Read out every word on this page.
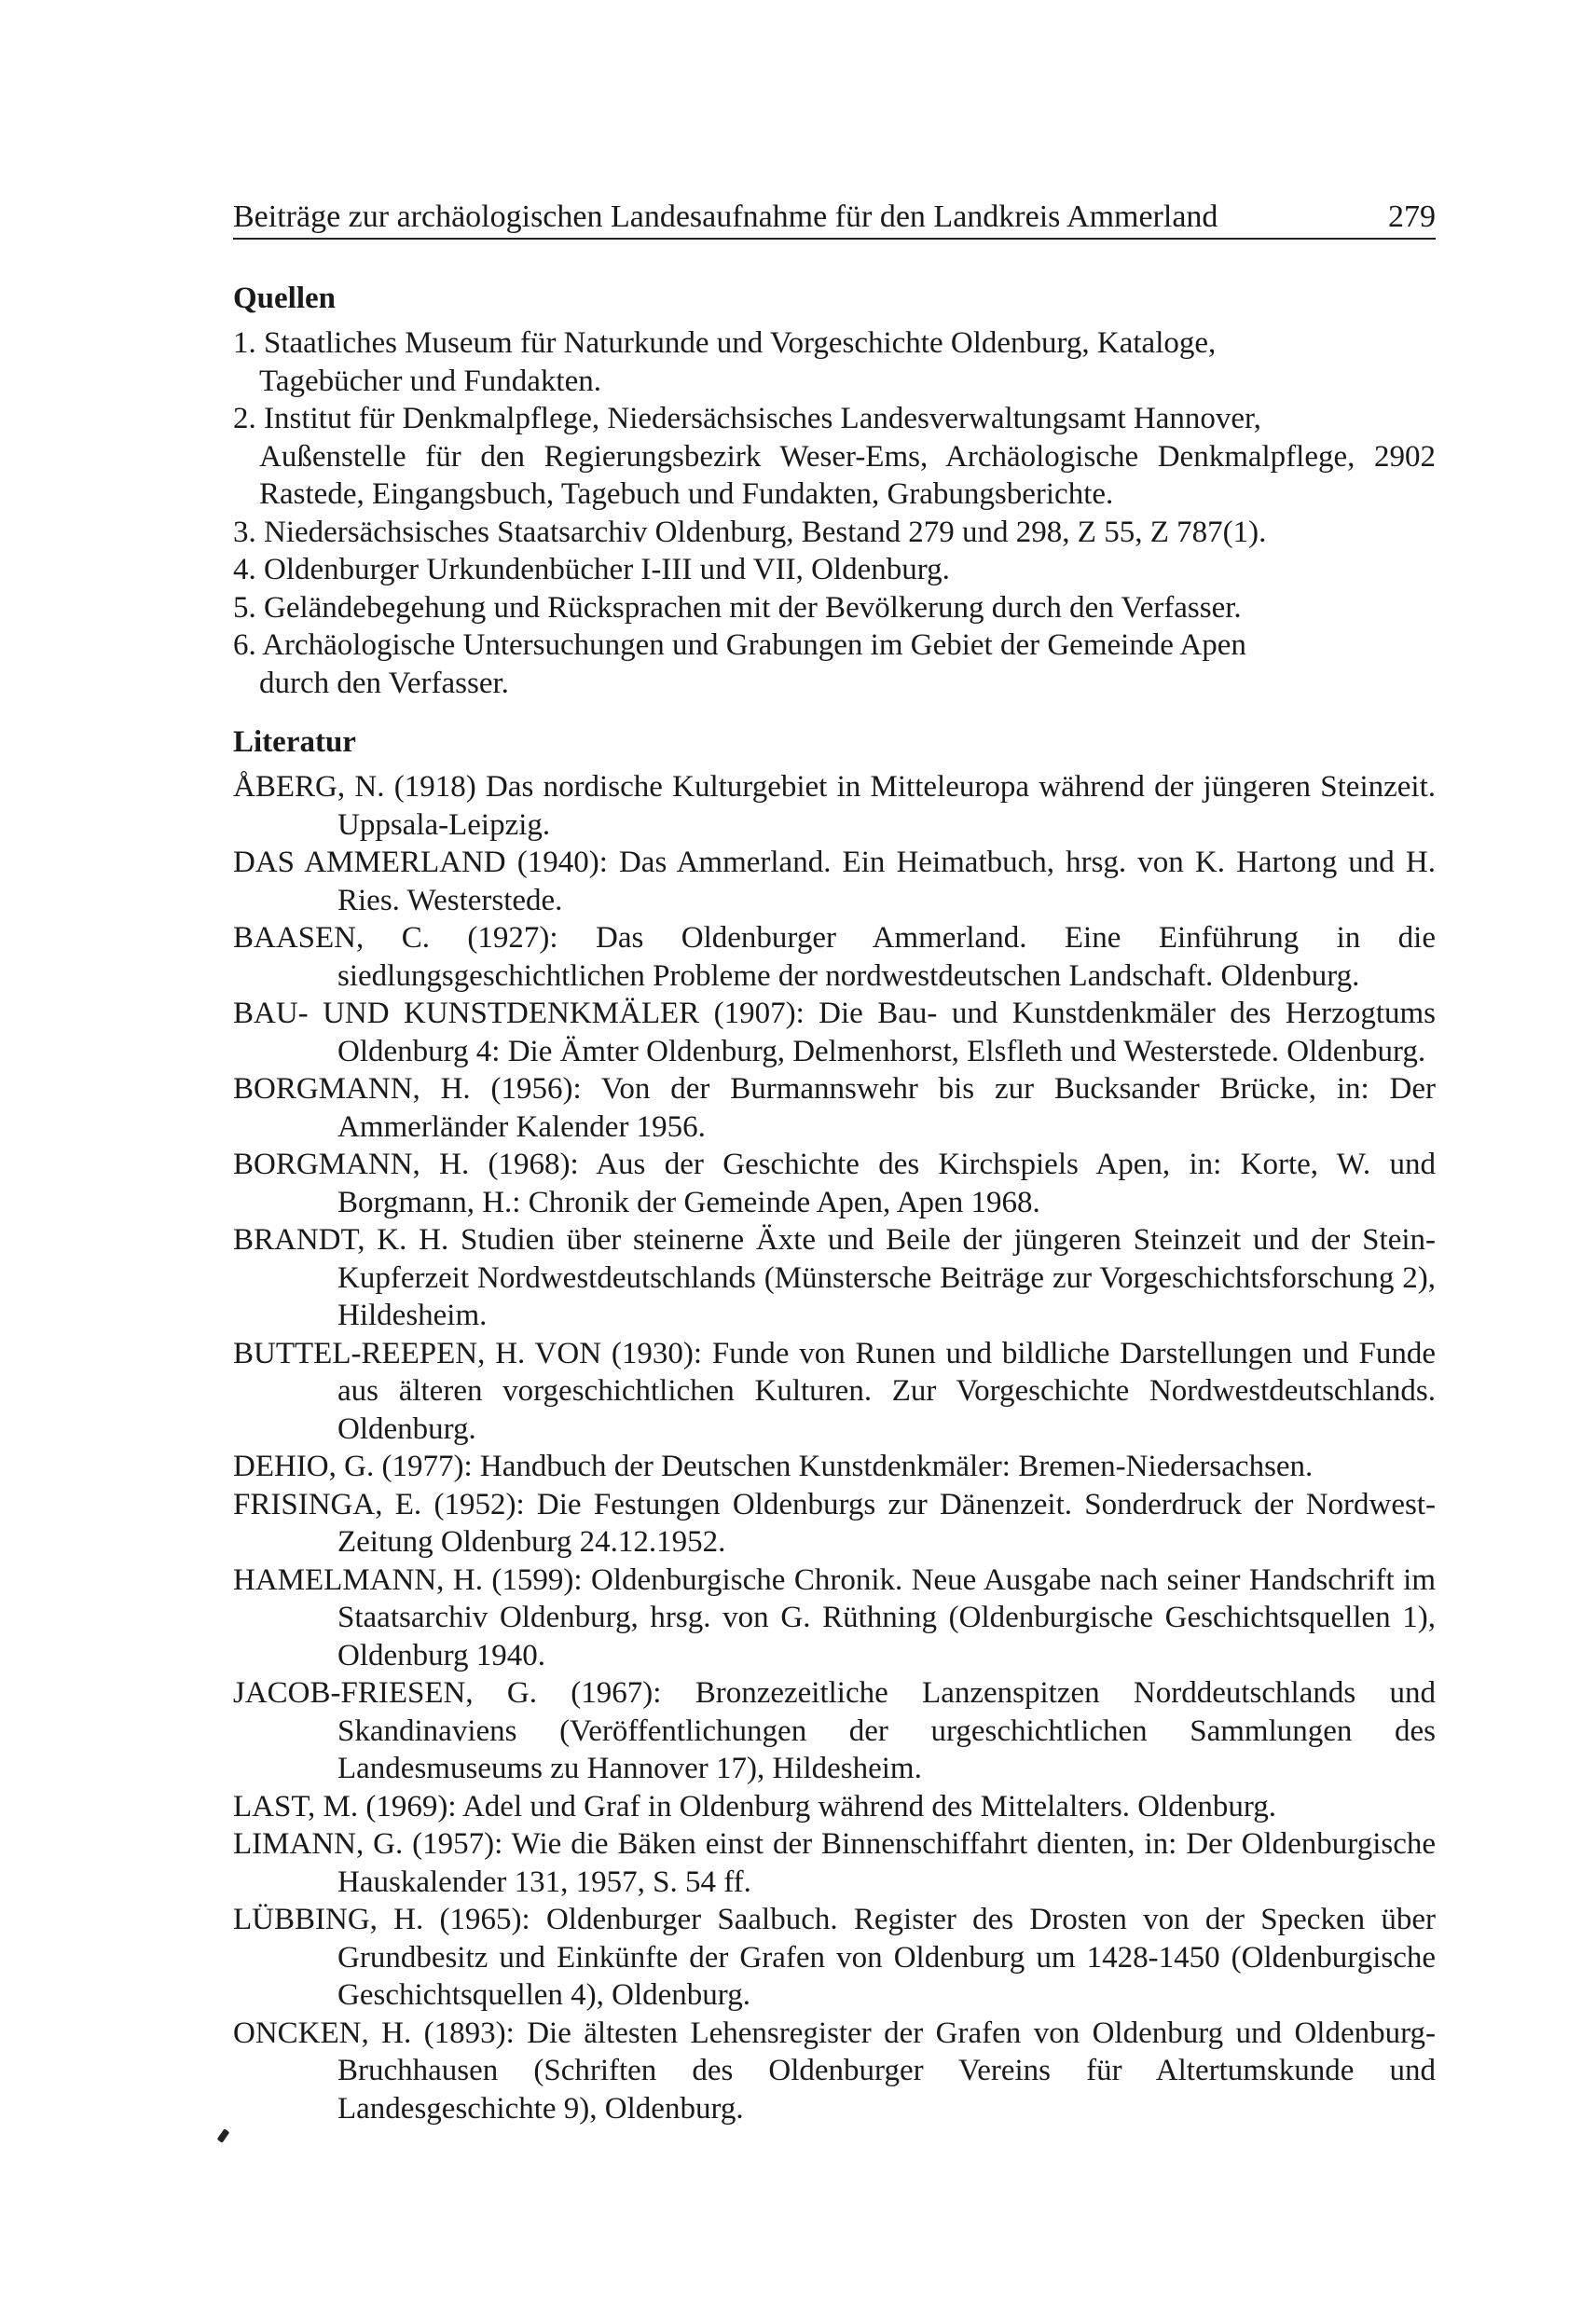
Beiträge zur archäologischen Landesaufnahme für den Landkreis Ammerland	279
Quellen

1. Staatliches Museum für Naturkunde und Vorgeschichte Oldenburg, Kataloge,
Tagebücher und Fundakten.

2. Institut für Denkmalpflege, Niedersächsisches Landesverwaltungsamt Hannover,
Außenstelle für den Regierungsbezirk Weser-Ems, Archäologische Denkmalpflege, 2902 Rastede, Eingangsbuch, Tagebuch und Fundakten, Grabungsberichte.

3. Niedersächsisches Staatsarchiv Oldenburg, Bestand 279 und 298, Z 55, Z 787(1).

4. Oldenburger Urkundenbücher I-III und VII, Oldenburg.

5. Geländebegehung und Rücksprachen mit der Bevölkerung durch den Verfasser.

6. Archäologische Untersuchungen und Grabungen im Gebiet der Gemeinde Apen
durch den Verfasser.

Literatur

ÅBERG, N. (1918) Das nordische Kulturgebiet in Mitteleuropa während der jüngeren Steinzeit. Uppsala-Leipzig.

DAS AMMERLAND (1940): Das Ammerland. Ein Heimatbuch, hrsg. von K. Hartong und H. Ries. Westerstede.

BAASEN, C. (1927): Das Oldenburger Ammerland. Eine Einführung in die siedlungsgeschichtlichen Probleme der nordwestdeutschen Landschaft. Oldenburg.

BAU- UND KUNSTDENKMÄLER (1907): Die Bau- und Kunstdenkmäler des Herzogtums Oldenburg 4: Die Ämter Oldenburg, Delmenhorst, Elsfleth und Westerstede. Oldenburg.

BORGMANN, H. (1956): Von der Burmannswehr bis zur Bucksander Brücke, in: Der Ammerländer Kalender 1956.

BORGMANN, H. (1968): Aus der Geschichte des Kirchspiels Apen, in: Korte, W. und Borgmann, H.: Chronik der Gemeinde Apen, Apen 1968.

BRANDT, K. H. Studien über steinerne Äxte und Beile der jüngeren Steinzeit und der Stein-Kupferzeit Nordwestdeutschlands (Münstersche Beiträge zur Vorgeschichtsforschung 2), Hildesheim.

BUTTEL-REEPEN, H. VON (1930): Funde von Runen und bildliche Darstellungen und Funde aus älteren vorgeschichtlichen Kulturen. Zur Vorgeschichte Nordwestdeutschlands. Oldenburg.

DEHIO, G. (1977): Handbuch der Deutschen Kunstdenkmäler: Bremen-Niedersachsen.

FRISINGA, E. (1952): Die Festungen Oldenburgs zur Dänenzeit. Sonderdruck der Nordwest-Zeitung Oldenburg 24.12.1952.

HAMELMANN, H. (1599): Oldenburgische Chronik. Neue Ausgabe nach seiner Handschrift im Staatsarchiv Oldenburg, hrsg. von G. Rüthning (Oldenburgische Geschichtsquellen 1), Oldenburg 1940.

JACOB-FRIESEN, G. (1967): Bronzezeitliche Lanzenspitzen Norddeutschlands und Skandinaviens (Veröffentlichungen der urgeschichtlichen Sammlungen des Landesmuseums zu Hannover 17), Hildesheim.

LAST, M. (1969): Adel und Graf in Oldenburg während des Mittelalters. Oldenburg.

LIMANN, G. (1957): Wie die Bäken einst der Binnenschiffahrt dienten, in: Der Oldenburgische Hauskalender 131, 1957, S. 54 ff.

LÜBBING, H. (1965): Oldenburger Saalbuch. Register des Drosten von der Specken über Grundbesitz und Einkünfte der Grafen von Oldenburg um 1428-1450 (Oldenburgische Geschichtsquellen 4), Oldenburg.

ONCKEN, H. (1893): Die ältesten Lehensregister der Grafen von Oldenburg und Oldenburg-Bruchhausen (Schriften des Oldenburger Vereins für Altertumskunde und Landesgeschichte 9), Oldenburg.
